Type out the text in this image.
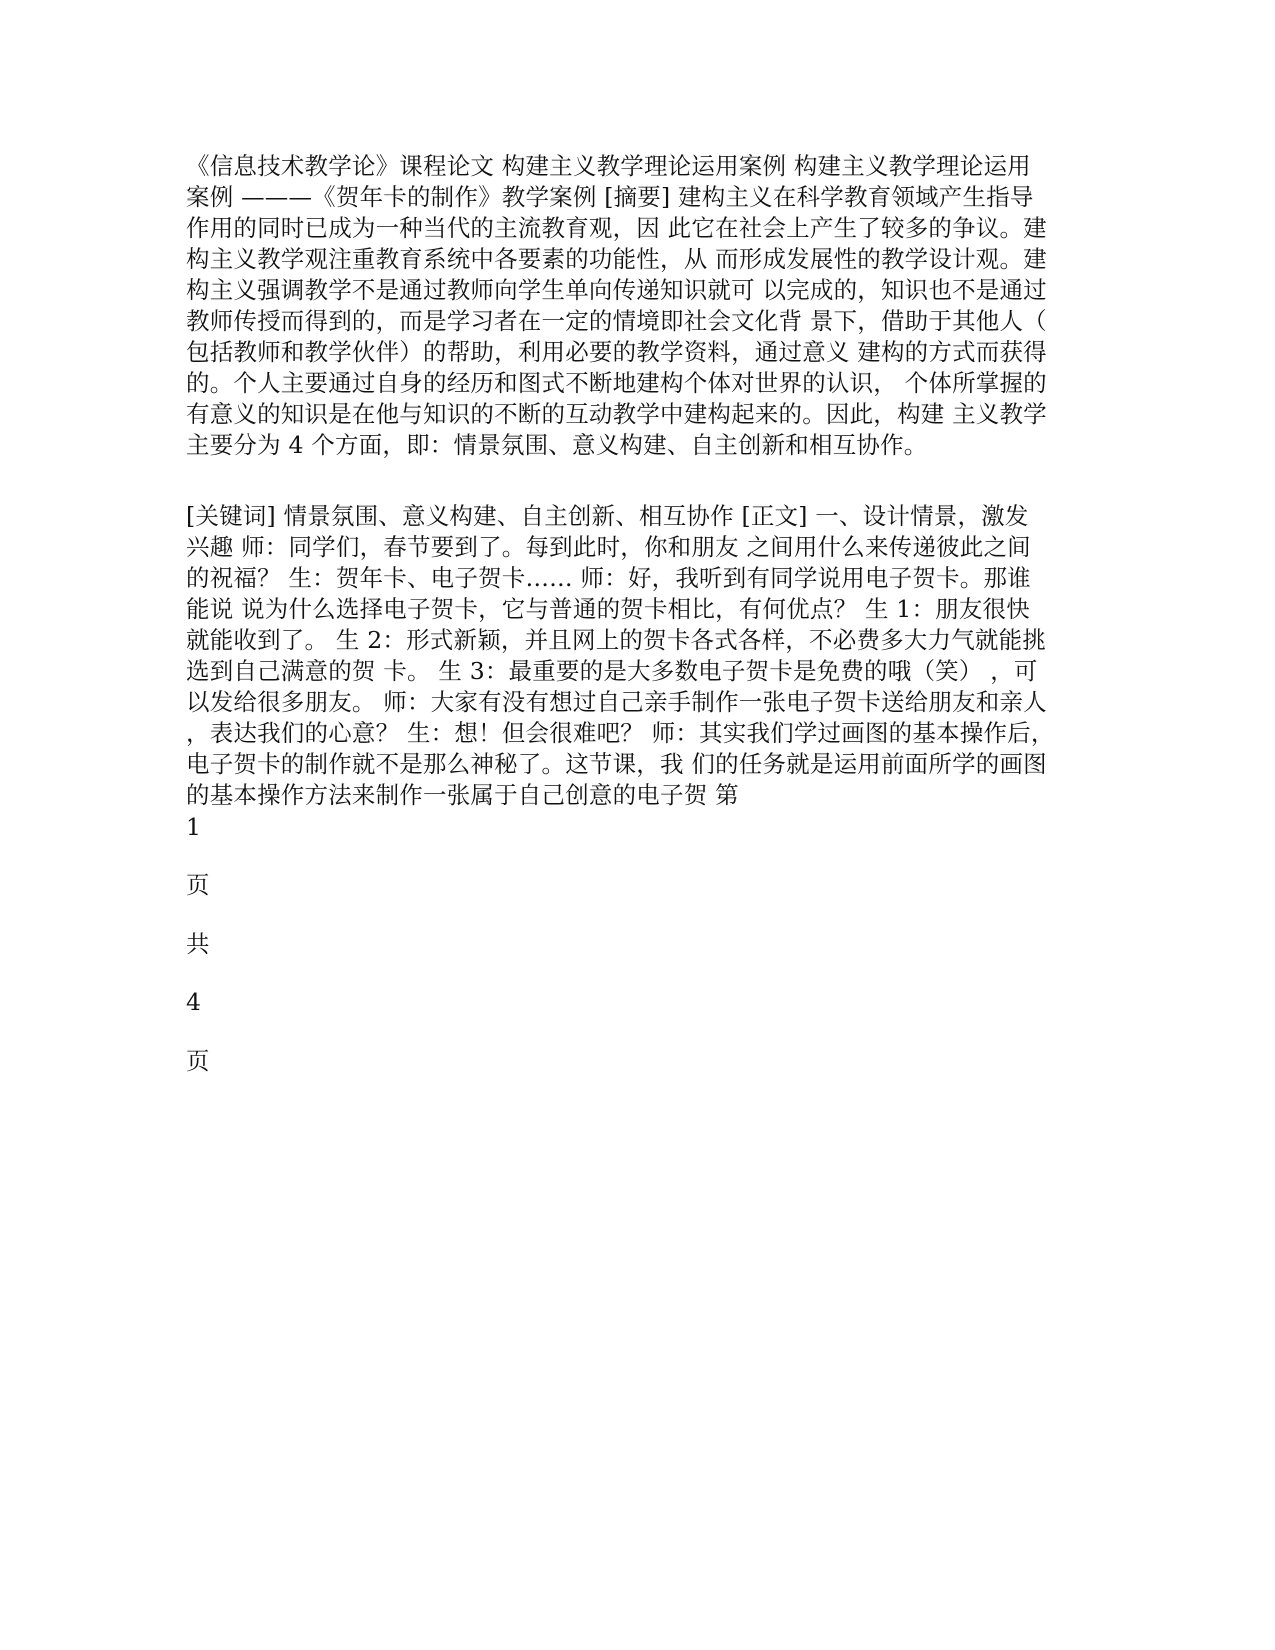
《信息技术教学论》课程论文 构建主义教学理论运用案例 构建主义教学理论运用
案例 ———《贺年卡的制作》教学案例 [摘要] 建构主义在科学教育领域产生指导
作用的同时已成为一种当代的主流教育观，因 此它在社会上产生了较多的争议。建
构主义教学观注重教育系统中各要素的功能性，从 而形成发展性的教学设计观。建
构主义强调教学不是通过教师向学生单向传递知识就可 以完成的，知识也不是通过
教师传授而得到的，而是学习者在一定的情境即社会文化背 景下，借助于其他人（
包括教师和教学伙伴）的帮助，利用必要的教学资料，通过意义 建构的方式而获得
的。个人主要通过自身的经历和图式不断地建构个体对世界的认识， 个体所掌握的
有意义的知识是在他与知识的不断的互动教学中建构起来的。因此，构建 主义教学
主要分为 4 个方面，即：情景氛围、意义构建、自主创新和相互协作。
[关键词] 情景氛围、意义构建、自主创新、相互协作 [正文] 一、设计情景，激发
兴趣 师：同学们，春节要到了。每到此时，你和朋友 之间用什么来传递彼此之间
的祝福？ 生：贺年卡、电子贺卡…… 师：好，我听到有同学说用电子贺卡。那谁
能说 说为什么选择电子贺卡，它与普通的贺卡相比，有何优点？ 生 1：朋友很快
就能收到了。 生 2：形式新颖，并且网上的贺卡各式各样，不必费多大力气就能挑
选到自己满意的贺 卡。 生 3：最重要的是大多数电子贺卡是免费的哦（笑） ，可
以发给很多朋友。 师：大家有没有想过自己亲手制作一张电子贺卡送给朋友和亲人
，表达我们的心意？ 生：想！但会很难吧？ 师：其实我们学过画图的基本操作后，
电子贺卡的制作就不是那么神秘了。这节课，我 们的任务就是运用前面所学的画图
的基本操作方法来制作一张属于自己创意的电子贺 第
1
页
共
4
页
